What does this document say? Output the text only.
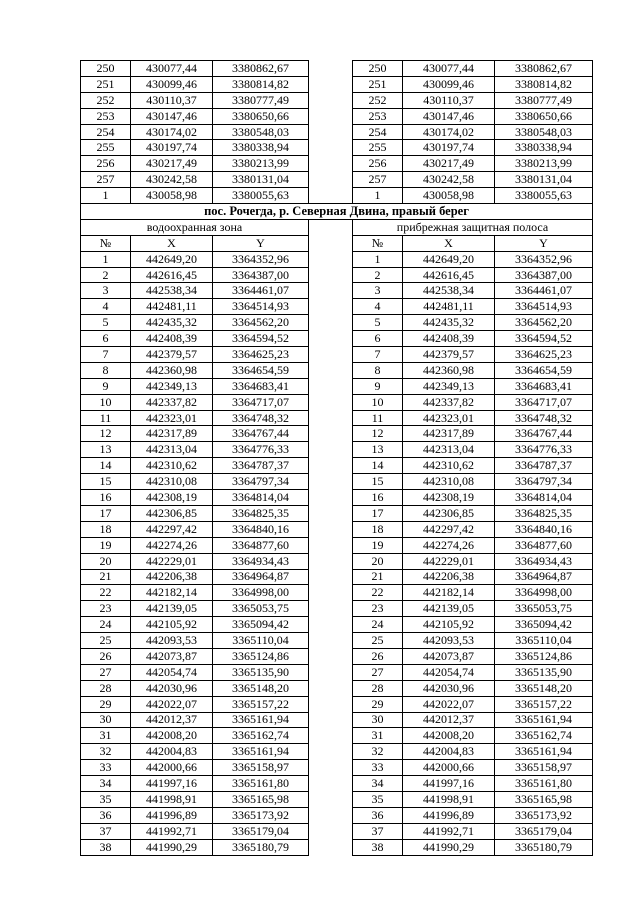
250	430077,44	3380862,67		250	430077,44	3380862,67
251	430099,46	3380814,82		251	430099,46	3380814,82
252	430110,37	3380777,49		252	430110,37	3380777,49
253	430147,46	3380650,66		253	430147,46	3380650,66
254	430174,02	3380548,03		254	430174,02	3380548,03
255	430197,74	3380338,94		255	430197,74	3380338,94
256	430217,49	3380213,99		256	430217,49	3380213,99
257	430242,58	3380131,04		257	430242,58	3380131,04
1	430058,98	3380055,63		1	430058,98	3380055,63
пос. Рочегда, р. Северная Двина, правый берег						
водоохранная зона				прибрежная защитная полоса		
№	X	Y		№	X	Y
1	442649,20	3364352,96		1	442649,20	3364352,96
2	442616,45	3364387,00		2	442616,45	3364387,00
3	442538,34	3364461,07		3	442538,34	3364461,07
4	442481,11	3364514,93		4	442481,11	3364514,93
5	442435,32	3364562,20		5	442435,32	3364562,20
6	442408,39	3364594,52		6	442408,39	3364594,52
7	442379,57	3364625,23		7	442379,57	3364625,23
8	442360,98	3364654,59		8	442360,98	3364654,59
9	442349,13	3364683,41		9	442349,13	3364683,41
10	442337,82	3364717,07		10	442337,82	3364717,07
11	442323,01	3364748,32		11	442323,01	3364748,32
12	442317,89	3364767,44		12	442317,89	3364767,44
13	442313,04	3364776,33		13	442313,04	3364776,33
14	442310,62	3364787,37		14	442310,62	3364787,37
15	442310,08	3364797,34		15	442310,08	3364797,34
16	442308,19	3364814,04		16	442308,19	3364814,04
17	442306,85	3364825,35		17	442306,85	3364825,35
18	442297,42	3364840,16		18	442297,42	3364840,16
19	442274,26	3364877,60		19	442274,26	3364877,60
20	442229,01	3364934,43		20	442229,01	3364934,43
21	442206,38	3364964,87		21	442206,38	3364964,87
22	442182,14	3364998,00		22	442182,14	3364998,00
23	442139,05	3365053,75		23	442139,05	3365053,75
24	442105,92	3365094,42		24	442105,92	3365094,42
25	442093,53	3365110,04		25	442093,53	3365110,04
26	442073,87	3365124,86		26	442073,87	3365124,86
27	442054,74	3365135,90		27	442054,74	3365135,90
28	442030,96	3365148,20		28	442030,96	3365148,20
29	442022,07	3365157,22		29	442022,07	3365157,22
30	442012,37	3365161,94		30	442012,37	3365161,94
31	442008,20	3365162,74		31	442008,20	3365162,74
32	442004,83	3365161,94		32	442004,83	3365161,94
33	442000,66	3365158,97		33	442000,66	3365158,97
34	441997,16	3365161,80		34	441997,16	3365161,80
35	441998,91	3365165,98		35	441998,91	3365165,98
36	441996,89	3365173,92		36	441996,89	3365173,92
37	441992,71	3365179,04		37	441992,71	3365179,04
38	441990,29	3365180,79		38	441990,29	3365180,79
